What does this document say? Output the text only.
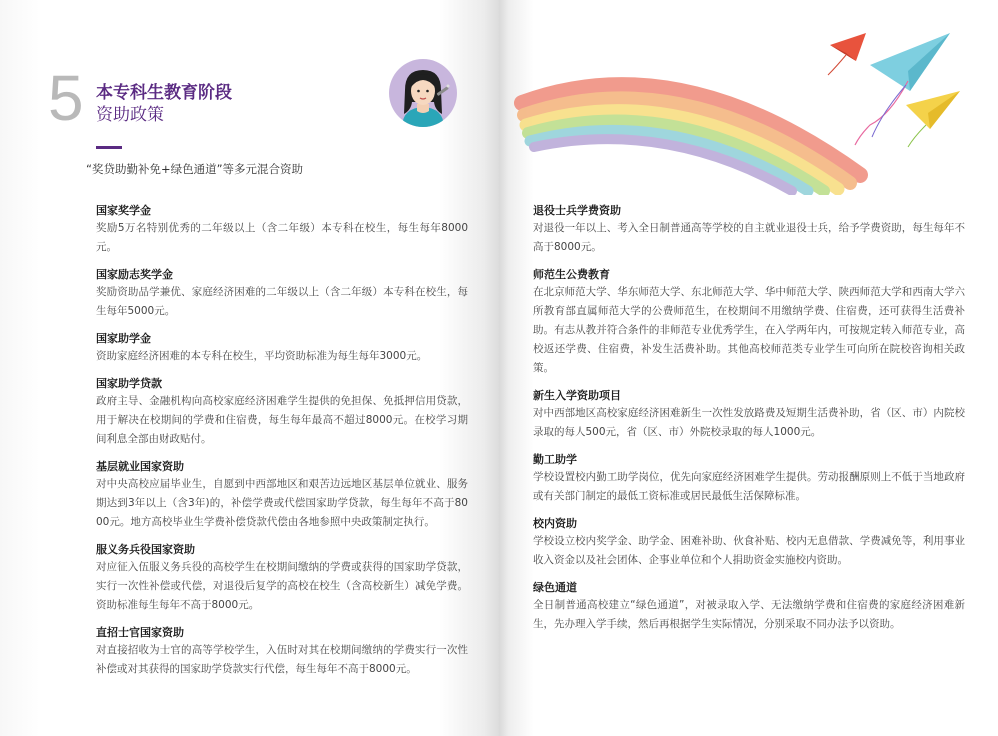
5 本专科生教育阶段
资助政策
“奖贷助勤补免+绿色通道”等多元混合资助

国家奖学金

奖励5万名特别优秀的二年级以上（含二年级）本专科在校生，每生每年8000元。

国家励志奖学金

奖励资助品学兼优、家庭经济困难的二年级以上（含二年级）本专科在校生，每生每年5000元。

国家助学金

资助家庭经济困难的本专科在校生，平均资助标准为每生每年3000元。

国家助学贷款

政府主导、金融机构向高校家庭经济困难学生提供的免担保、免抵押信用贷款，用于解决在校期间的学费和住宿费，每生每年最高不超过8000元。在校学习期间利息全部由财政贴付。

基层就业国家资助

对中央高校应届毕业生，自愿到中西部地区和艰苦边远地区基层单位就业、服务期达到3年以上（含3年)的，补偿学费或代偿国家助学贷款，每生每年不高于8000元。地方高校毕业生学费补偿贷款代偿由各地参照中央政策制定执行。

服义务兵役国家资助

对应征入伍服义务兵役的高校学生在校期间缴纳的学费或获得的国家助学贷款，实行一次性补偿或代偿，对退役后复学的高校在校生（含高校新生）减免学费。资助标准每生每年不高于8000元。

直招士官国家资助

对直接招收为士官的高等学校学生，入伍时对其在校期间缴纳的学费实行一次性补偿或对其获得的国家助学贷款实行代偿，每生每年不高于8000元。

退役士兵学费资助

对退役一年以上、考入全日制普通高等学校的自主就业退役士兵，给予学费资助，每生每年不高于8000元。

师范生公费教育

在北京师范大学、华东师范大学、东北师范大学、华中师范大学、陕西师范大学和西南大学六所教育部直属师范大学的公费师范生，在校期间不用缴纳学费、住宿费，还可获得生活费补助。有志从教并符合条件的非师范专业优秀学生，在入学两年内，可按规定转入师范专业，高校返还学费、住宿费，补发生活费补助。其他高校师范类专业学生可向所在院校咨询相关政策。

新生入学资助项目

对中西部地区高校家庭经济困难新生一次性发放路费及短期生活费补助，省（区、市）内院校录取的每人500元，省（区、市）外院校录取的每人1000元。

勤工助学

学校设置校内勤工助学岗位，优先向家庭经济困难学生提供。劳动报酬原则上不低于当地政府或有关部门制定的最低工资标准或居民最低生活保障标准。

校内资助

学校设立校内奖学金、助学金、困难补助、伙食补贴、校内无息借款、学费减免等，利用事业收入资金以及社会团体、企事业单位和个人捐助资金实施校内资助。

绿色通道

全日制普通高校建立“绿色通道”，对被录取入学、无法缴纳学费和住宿费的家庭经济困难新生，先办理入学手续，然后再根据学生实际情况，分别采取不同办法予以资助。
